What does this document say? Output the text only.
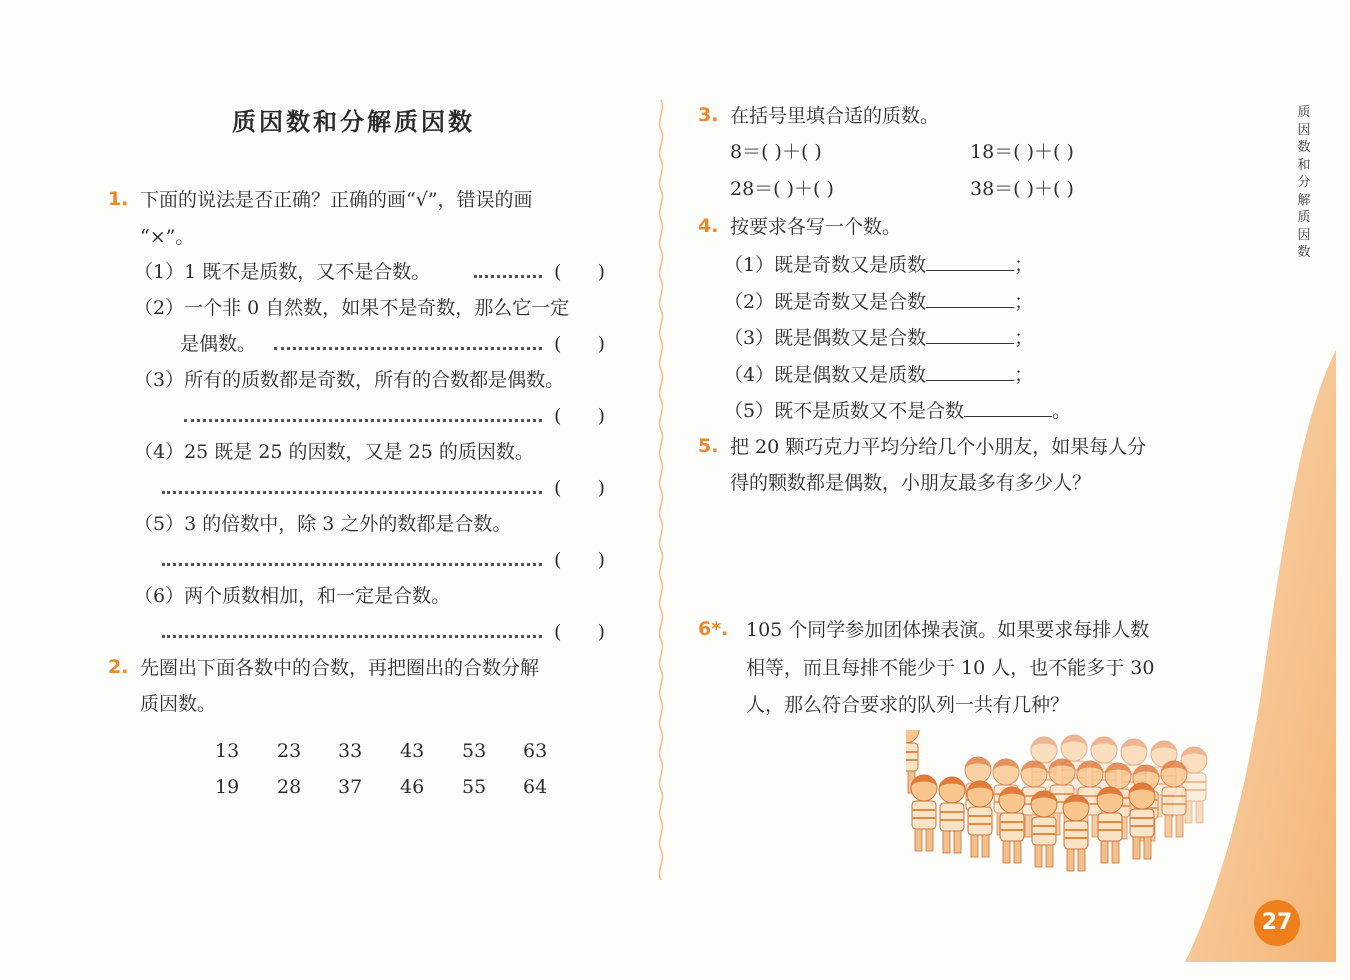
质因数和分解质因数
1. 下面的说法是否正确？正确的画“√”，错误的画
“×”。
（1）1 既不是质数，又不是合数。	(      )
（2）一个非 0 自然数，如果不是奇数，那么它一定
是偶数。	(      )
（3）所有的质数都是奇数，所有的合数都是偶数。
(      )
（4）25 既是 25 的因数，又是 25 的质因数。
(      )
（5）3 的倍数中，除 3 之外的数都是合数。
(      )
（6）两个质数相加，和一定是合数。
(      )
2. 先圈出下面各数中的合数，再把圈出的合数分解
质因数。
13	23	33	43	53	63
19	28	37	46	55	64
3. 在括号里填合适的质数。
8＝( )＋( )	18＝( )＋( )
28＝( )＋( )	38＝( )＋( )
4. 按要求各写一个数。
（1）既是奇数又是质数	；
（2）既是奇数又是合数	；
（3）既是偶数又是合数	；
（4）既是偶数又是质数	；
（5）既不是质数又不是合数	。
5. 把 20 颗巧克力平均分给几个小朋友，如果每人分
得的颗数都是偶数，小朋友最多有多少人？
6*. 105 个同学参加团体操表演。如果要求每排人数
相等，而且每排不能少于 10 人，也不能多于 30
人，那么符合要求的队列一共有几种？
质因数和分解质因数
27
